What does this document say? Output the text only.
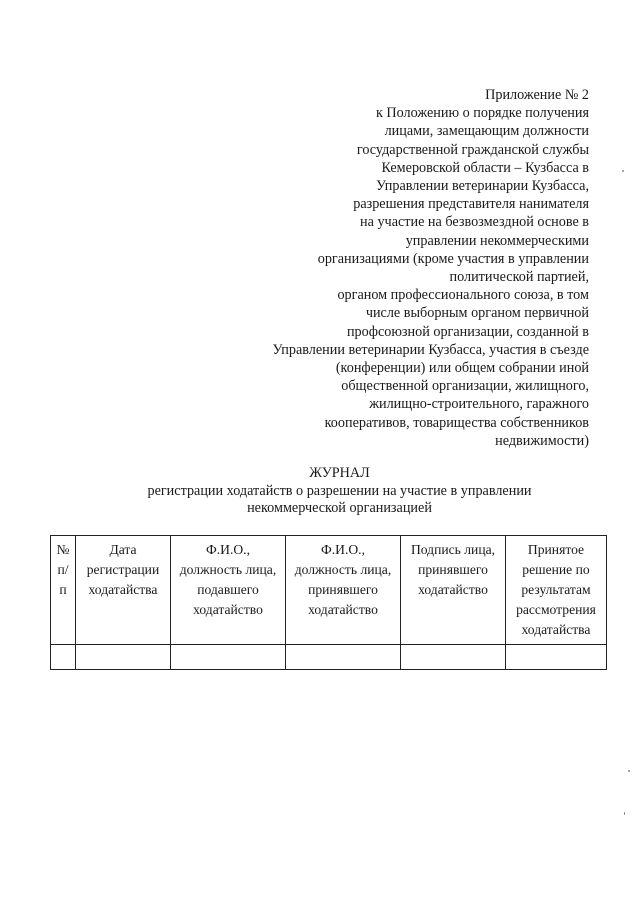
Приложение № 2
к Положению о порядке получения
лицами, замещающим должности
государственной гражданской службы
Кемеровской области – Кузбасса в
Управлении ветеринарии Кузбасса,
разрешения представителя нанимателя
на участие на безвозмездной основе в
управлении некоммерческими
организациями (кроме участия в управлении
политической партией,
органом профессионального союза, в том
числе выборным органом первичной
профсоюзной организации, созданной в
Управлении ветеринарии Кузбасса, участия в съезде
(конференции) или общем собрании иной
общественной организации, жилищного,
жилищно-строительного, гаражного
кооперативов, товарищества собственников
недвижимости)
ЖУРНАЛ
регистрации ходатайств о разрешении на участие в управлении
некоммерческой организацией
№
п/
п	Дата
регистрации
ходатайства	Ф.И.О.,
должность лица,
подавшего
ходатайство	Ф.И.О.,
должность лица,
принявшего
ходатайство	Подпись лица,
принявшего
ходатайство	Принятое
решение по
результатам
рассмотрения
ходатайства
